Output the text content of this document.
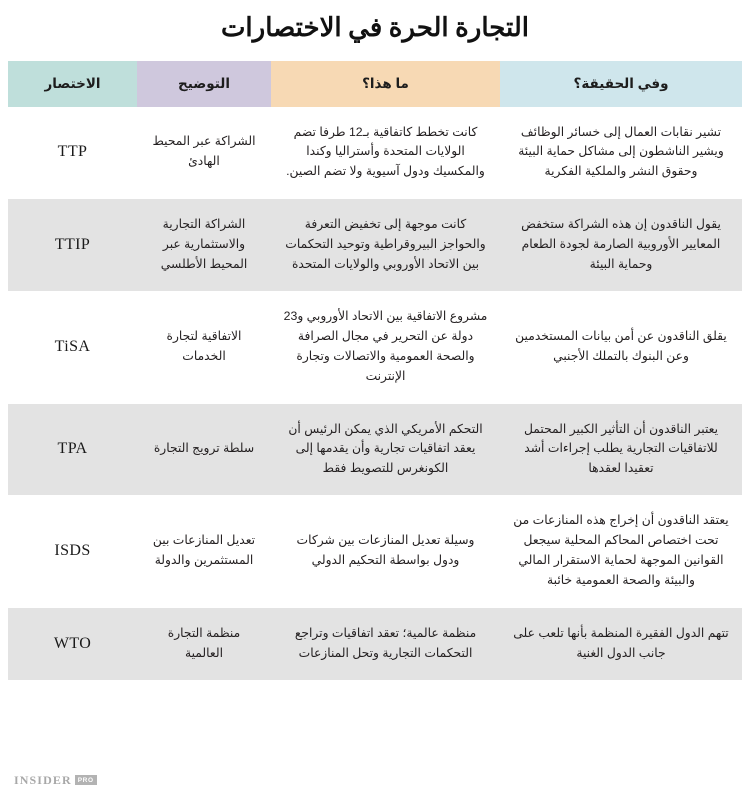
التجارة الحرة في الاختصارات
وفي الحقيقة؟	ما هذا؟	التوضيح	الاختصار
تشير نقابات العمال إلى خسائر الوظائف ويشير الناشطون إلى مشاكل حماية البيئة وحقوق النشر والملكية الفكرية	كانت تخطط كاتفاقية بـ12 طرفا تضم الولايات المتحدة وأستراليا وكندا والمكسيك ودول آسيوية ولا تضم الصين.	الشراكة عبر المحيط الهادئ	TTP
يقول الناقدون إن هذه الشراكة ستخفض المعايير الأوروبية الصارمة لجودة الطعام وحماية البيئة	كانت موجهة إلى تخفيض التعرفة والحواجز البيروقراطية وتوحيد التحكمات بين الاتحاد الأوروبي والولايات المتحدة	الشراكة التجارية والاستثمارية عبر المحيط الأطلسي	TTIP
يقلق الناقدون عن أمن بيانات المستخدمين وعن البنوك بالتملك الأجنبي	مشروع الاتفاقية بين الاتحاد الأوروبي و23 دولة عن التحرير في مجال الصرافة والصحة العمومية والاتصالات وتجارة الإنترنت	الاتفاقية لتجارة الخدمات	TiSA
يعتبر الناقدون أن التأثير الكبير المحتمل للاتفاقيات التجارية يطلب إجراءات أشد تعقيدا لعقدها	التحكم الأمريكي الذي يمكن الرئيس أن يعقد اتفاقيات تجارية وأن يقدمها إلى الكونغرس للتصويط فقط	سلطة ترويج التجارة	TPA
يعتقد الناقدون أن إخراج هذه المنازعات من تحت اختصاص المحاكم المحلية سيجعل القوانين الموجهة لحماية الاستقرار المالي والبيئة والصحة العمومية خائبة	وسيلة تعديل المنازعات بين شركات ودول بواسطة التحكيم الدولي	تعديل المنازعات بين المستثمرين والدولة	ISDS
تتهم الدول الفقيرة المنظمة بأنها تلعب على جانب الدول الغنية	منظمة عالمية؛ تعقد اتفاقيات وتراجع التحكمات التجارية وتحل المنازعات	منظمة التجارة العالمية	WTO
INSIDER PRO
